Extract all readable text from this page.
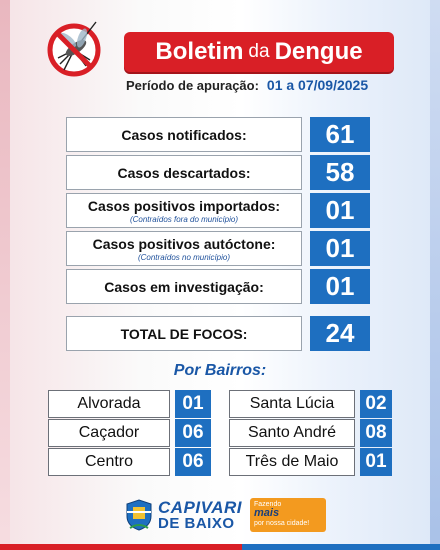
Boletim da Dengue
Período de apuração: 01 a 07/09/2025
Casos notificados:	61
Casos descartados:	58
Casos positivos importados:
(Contraídos fora do município)	01
Casos positivos autóctone:
(Contraídos no município)	01
Casos em investigação:	01
TOTAL DE FOCOS:	24
Por Bairros:
Alvorada	01
Caçador	06
Centro	06
Santa Lúcia	02
Santo André	08
Três de Maio	01
CAPIVARI
DE BAIXO
Fazendo
mais
por nossa cidade!
